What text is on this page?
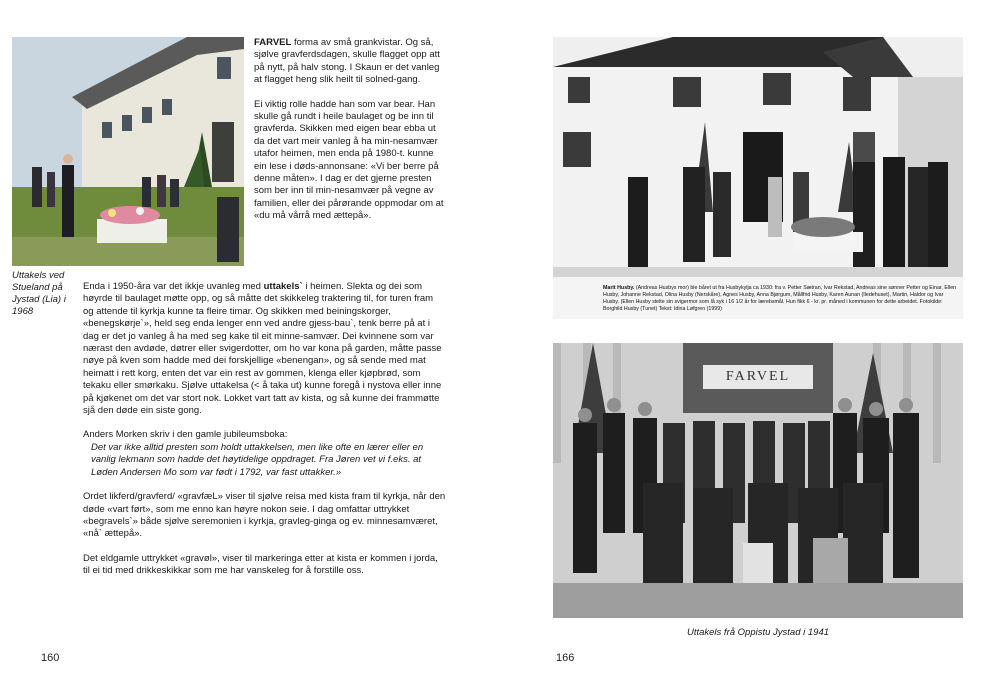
Uttakels ved Stueland på Jystad (Lia) i 1968

FARVEL forma av små grankvistar. Og så, sjølve gravferdsdagen, skulle flagget opp att på nytt, på halv stong. I Skaun er det vanleg at flagget heng slik heilt til solned-gang.

Ei viktig rolle hadde han som var bear. Han skulle gå rundt i heile baulaget og be inn til gravferda. Skikken med eigen bear ebba ut da det vart meir vanleg å ha min-nesamvær utafor heimen, men enda på 1980-t. kunne ein lese i døds-annonsane: «Vi ber berre på denne måten». I dag er det gjerne presten som ber inn til min-nesamvær på vegne av familien, eller dei pårørande oppmodar om at «du må vårrå med ættepå».

Enda i 1950-åra var det ikkje uvanleg med uttakels` i heimen. Slekta og dei som høyrde til baulaget møtte opp, og så måtte det skikkeleg traktering til, for turen fram og attende til kyrkja kunne ta fleire timar. Og skikken med beiningskorger, «benegskørje`», held seg enda lenger enn ved andre gjess-bau`, tenk berre på at i dag er det jo vanleg å ha med seg kake til eit minne-samvær. Dei kvinnene som var nærast den avdøde, døtrer eller svigerdotter, om ho var kona på garden, måtte passe nøye på kven som hadde med dei forskjellige «benengan», og så sende med mat heimatt i rett korg, enten det var ein rest av gommen, klenga eller kjøpbrød, som tekaku eller smørkaku. Sjølve uttakelsa (< å taka ut) kunne foregå i nystova eller inne på kjøkenet om det var stort nok. Lokket vart tatt av kista, og så kunne dei frammøtte sjå den døde ein siste gong.

Anders Morken skriv i den gamle jubileumsboka:

Det var ikke alltid presten som holdt uttakkelsen, men like ofte en lærer eller en vanlig lekmann som hadde det høytidelige oppdraget. Fra Jøren vet vi f.eks. at Løden Andersen Mo som var født i 1792, var fast uttakker.»

Ordet likferd/gravferd/ «gravfæL» viser til sjølve reisa med kista fram til kyrkja, når den døde «vart ført», som me enno kan høyre nokon seie. I dag omfattar uttrykket «begravels`» både sjølve seremonien i kyrkja, gravleg-ginga og ev. minnesamværet, «nå` ættepå».

Det eldgamle uttrykket «gravøl», viser til markeringa etter at kista er kommen i jorda, til ei tid med drikkeskikkar som me har vanskeleg for å forstille oss.

160
Marit Husby. (Andreas Husbys mor) ble båret ut fra Husbykylja ca 1930: fra v. Petter Sætran, Ivar Rekstad, Andreas sine sønner Petter og Einar, Ellen Husby, Johanne Rekstad, Olina Husby (Nerskåre), Agnes Husby, Anna Bjørgum, Mållfrid Husby, Karen Aunan (Iledehuset), Martin, Haldor og Ivar Husby. (Ellen Husby stelte sin svigermor som lå syk i 16 1/2 år for lærebsmål. Hun fikk 6 - kr. pr. måned i kommunen for dette arbeidet. Fotokilde: Borghild Husby (Tunet) Tekst: Idina Løfgren (1999)
Uttakels frå Oppistu Jystad i 1941
166
FARVEL
